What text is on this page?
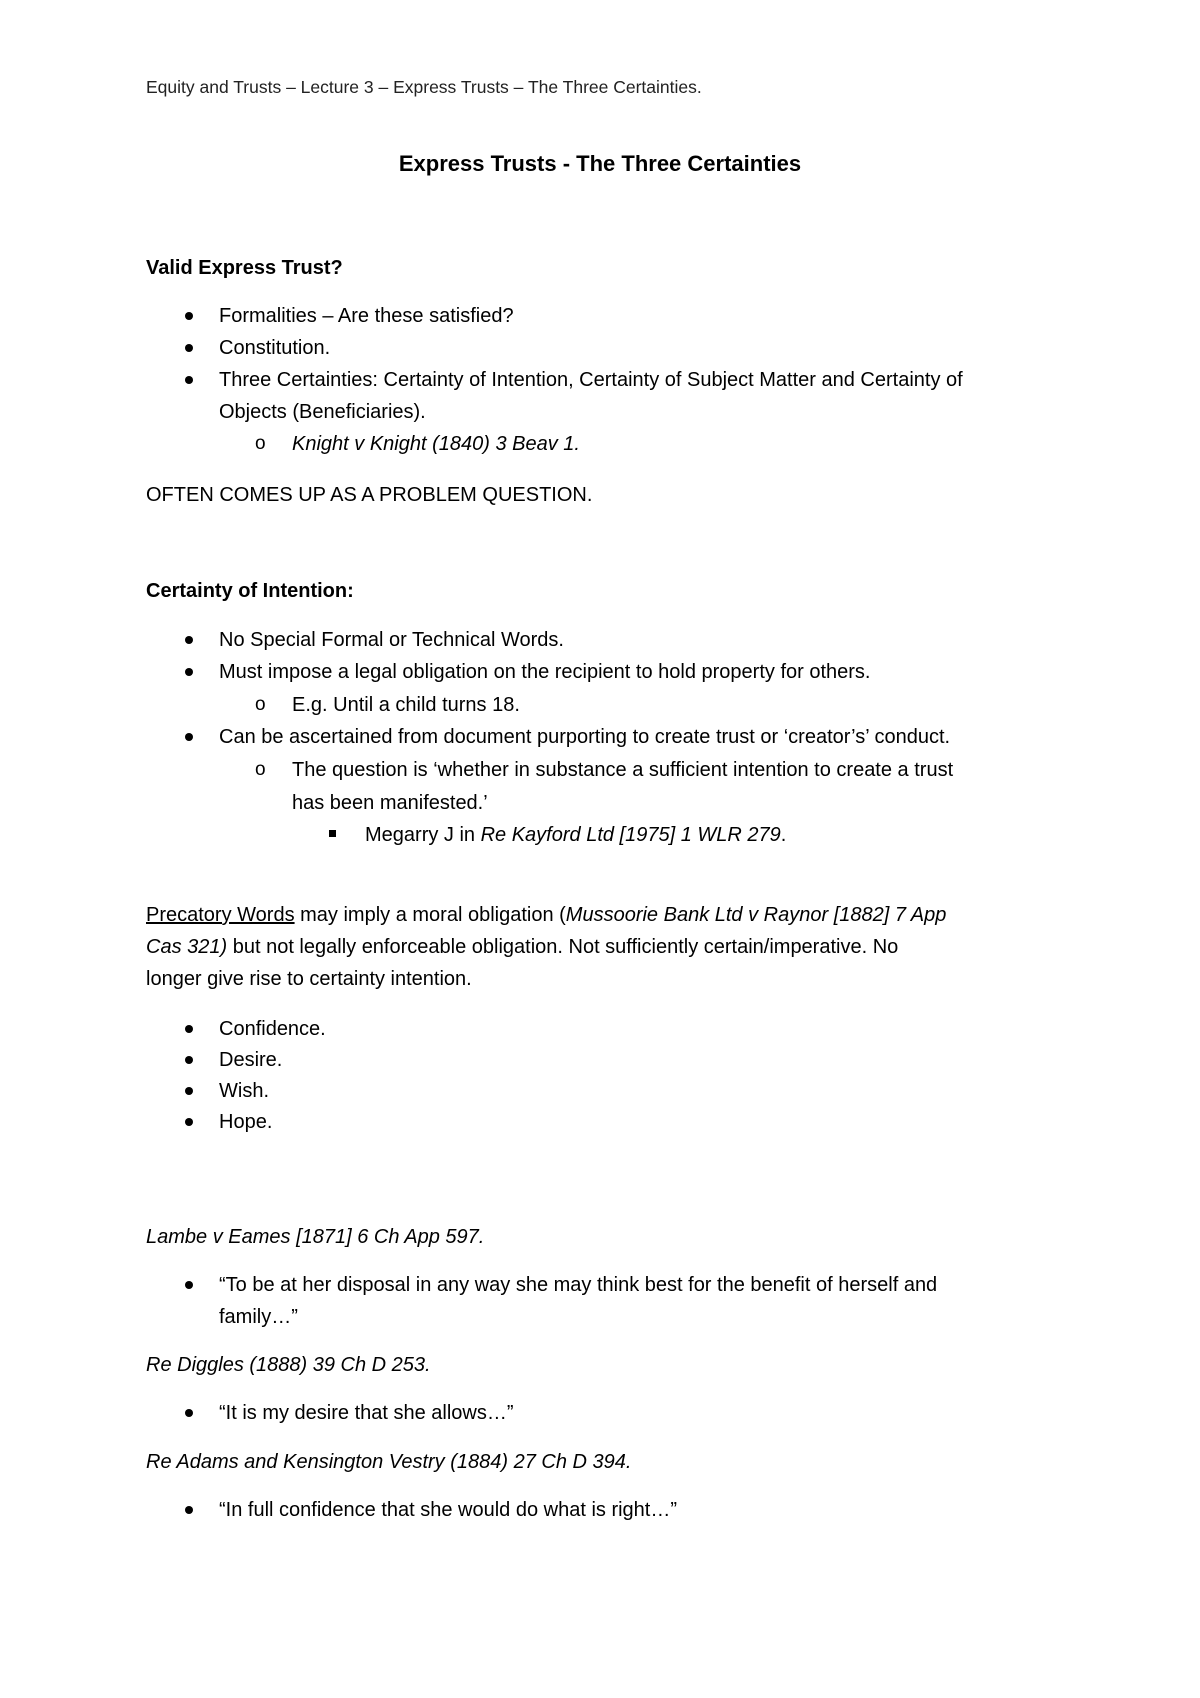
Equity and Trusts – Lecture 3 – Express Trusts – The Three Certainties.
Express Trusts - The Three Certainties
Valid Express Trust?
Formalities – Are these satisfied?
Constitution.
Three Certainties: Certainty of Intention, Certainty of Subject Matter and Certainty of
Objects (Beneficiaries).
o Knight v Knight (1840) 3 Beav 1.
OFTEN COMES UP AS A PROBLEM QUESTION.
Certainty of Intention:
No Special Formal or Technical Words.
Must impose a legal obligation on the recipient to hold property for others.
o E.g. Until a child turns 18.
Can be ascertained from document purporting to create trust or ‘creator’s’ conduct.
o The question is ‘whether in substance a sufficient intention to create a trust
has been manifested.’
Megarry J in Re Kayford Ltd [1975] 1 WLR 279.
Precatory Words may imply a moral obligation (Mussoorie Bank Ltd v Raynor [1882] 7 App
Cas 321) but not legally enforceable obligation. Not sufficiently certain/imperative. No
longer give rise to certainty intention.
Confidence.
Desire.
Wish.
Hope.
Lambe v Eames [1871] 6 Ch App 597.
“To be at her disposal in any way she may think best for the benefit of herself and
family…”
Re Diggles (1888) 39 Ch D 253.
“It is my desire that she allows…”
Re Adams and Kensington Vestry (1884) 27 Ch D 394.
“In full confidence that she would do what is right…”
